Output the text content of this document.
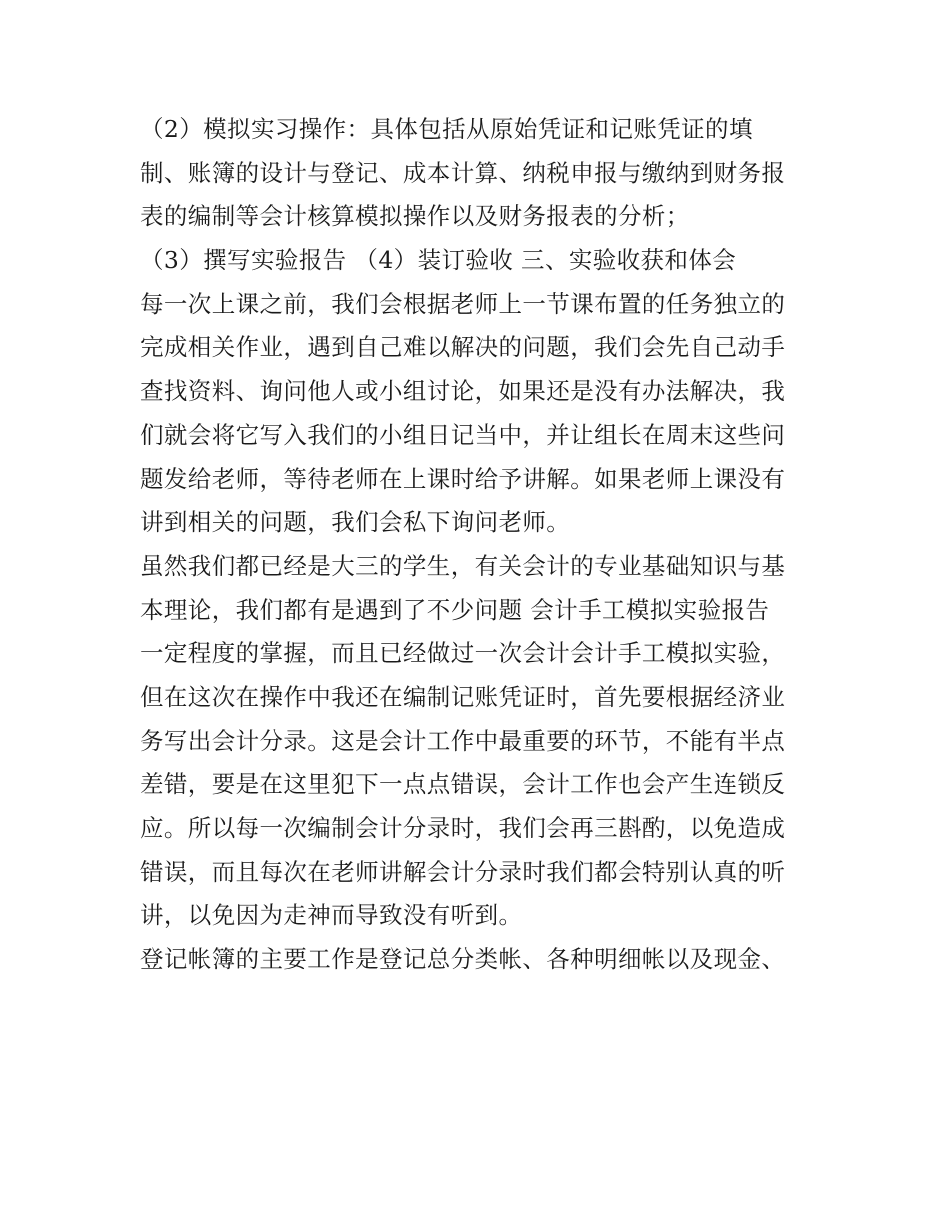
（2）模拟实习操作：具体包括从原始凭证和记账凭证的填
制、账簿的设计与登记、成本计算、纳税申报与缴纳到财务报
表的编制等会计核算模拟操作以及财务报表的分析；
（3）撰写实验报告 （4）装订验收 三、实验收获和体会
每一次上课之前，我们会根据老师上一节课布置的任务独立的
完成相关作业，遇到自己难以解决的问题，我们会先自己动手
查找资料、询问他人或小组讨论，如果还是没有办法解决，我
们就会将它写入我们的小组日记当中，并让组长在周末这些问
题发给老师，等待老师在上课时给予讲解。如果老师上课没有
讲到相关的问题，我们会私下询问老师。
虽然我们都已经是大三的学生，有关会计的专业基础知识与基
本理论，我们都有是遇到了不少问题 会计手工模拟实验报告
一定程度的掌握，而且已经做过一次会计会计手工模拟实验，
但在这次在操作中我还在编制记账凭证时，首先要根据经济业
务写出会计分录。这是会计工作中最重要的环节，不能有半点
差错，要是在这里犯下一点点错误，会计工作也会产生连锁反
应。所以每一次编制会计分录时，我们会再三斟酌，以免造成
错误，而且每次在老师讲解会计分录时我们都会特别认真的听
讲，以免因为走神而导致没有听到。
登记帐簿的主要工作是登记总分类帐、各种明细帐以及现金、
